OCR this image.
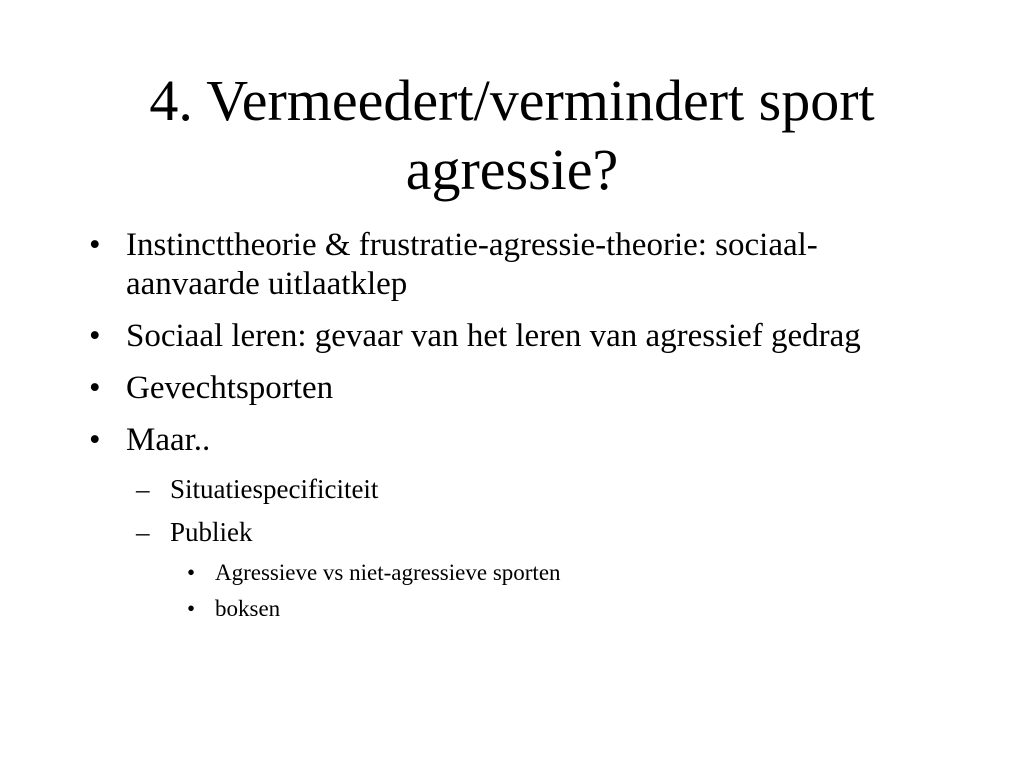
4. Vermeedert/vermindert sport agressie?
• Instincttheorie & frustratie-agressie-theorie: sociaal-aanvaarde uitlaatklep
• Sociaal leren: gevaar van het leren van agressief gedrag
• Gevechtsporten
• Maar..
– Situatiespecificiteit
– Publiek
• Agressieve vs niet-agressieve sporten
• boksen
